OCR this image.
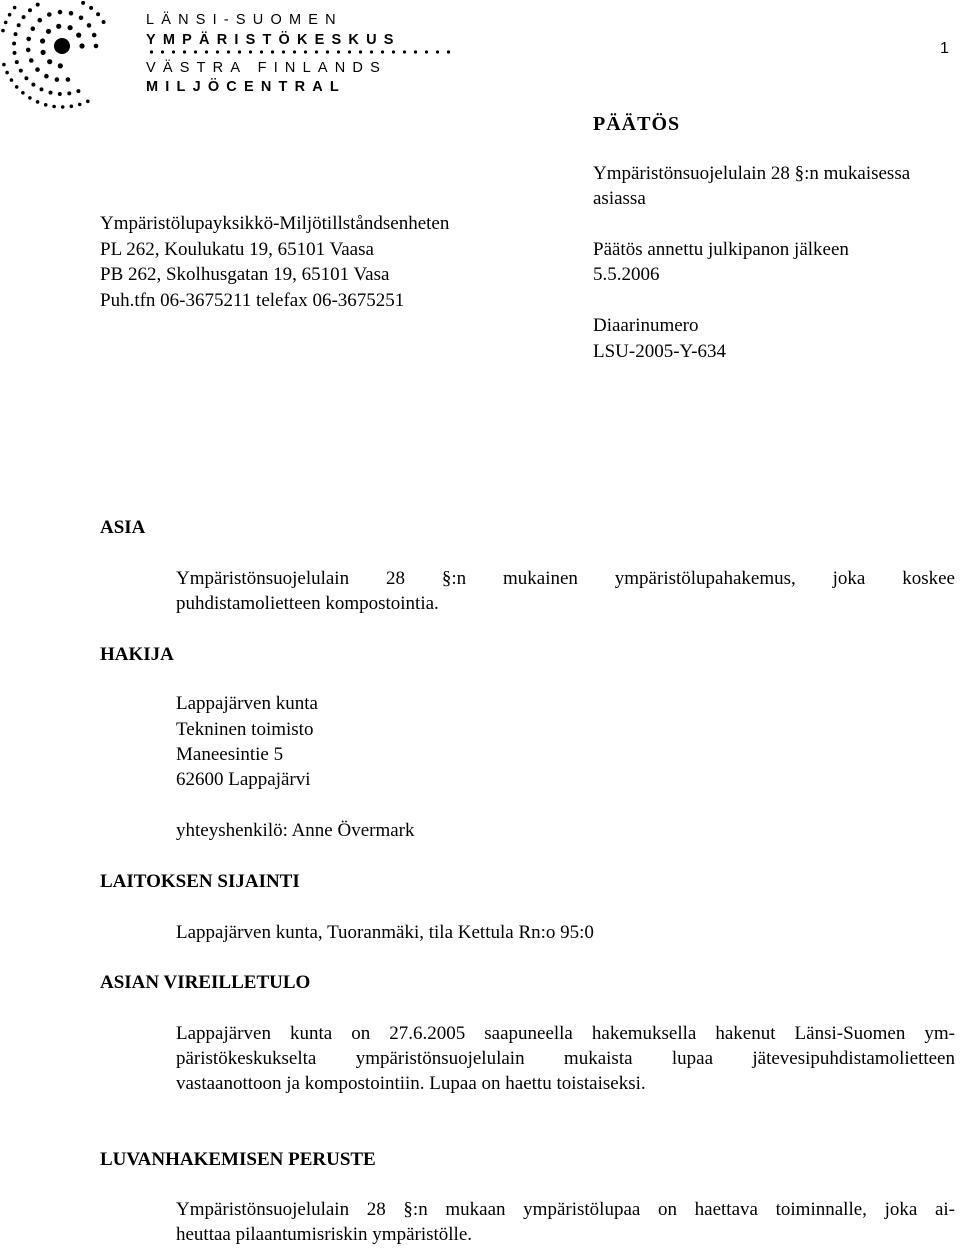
LÄNSI-SUOMEN
YMPÄRISTÖKESKUS
VÄSTRA FINLANDS
MILJÖCENTRAL
1
PÄÄTÖS
Ympäristönsuojelulain 28 §:n mukaisessa
asiassa
Päätös annettu julkipanon jälkeen
5.5.2006
Diaarinumero
LSU-2005-Y-634
Ympäristölupayksikkö-Miljötillståndsenheten
PL 262, Koulukatu 19, 65101 Vaasa
PB 262, Skolhusgatan 19, 65101 Vasa
Puh.tfn 06-3675211 telefax 06-3675251
ASIA
Ympäristönsuojelulain 28 §:n mukainen ympäristölupahakemus, joka koskee
puhdistamolietteen kompostointia.
HAKIJA
Lappajärven kunta
Tekninen toimisto
Maneesintie 5
62600 Lappajärvi
yhteyshenkilö: Anne Övermark
LAITOKSEN SIJAINTI
Lappajärven kunta, Tuoranmäki, tila Kettula Rn:o 95:0
ASIAN VIREILLETULO
Lappajärven kunta on 27.6.2005 saapuneella hakemuksella hakenut Länsi-Suomen ym-
päristökeskukselta ympäristönsuojelulain mukaista lupaa jätevesipuhdistamolietteen
vastaanottoon ja kompostointiin. Lupaa on haettu toistaiseksi.
LUVANHAKEMISEN PERUSTE
Ympäristönsuojelulain 28 §:n mukaan ympäristölupaa on haettava toiminnalle, joka ai-
heuttaa pilaantumisriskin ympäristölle.
